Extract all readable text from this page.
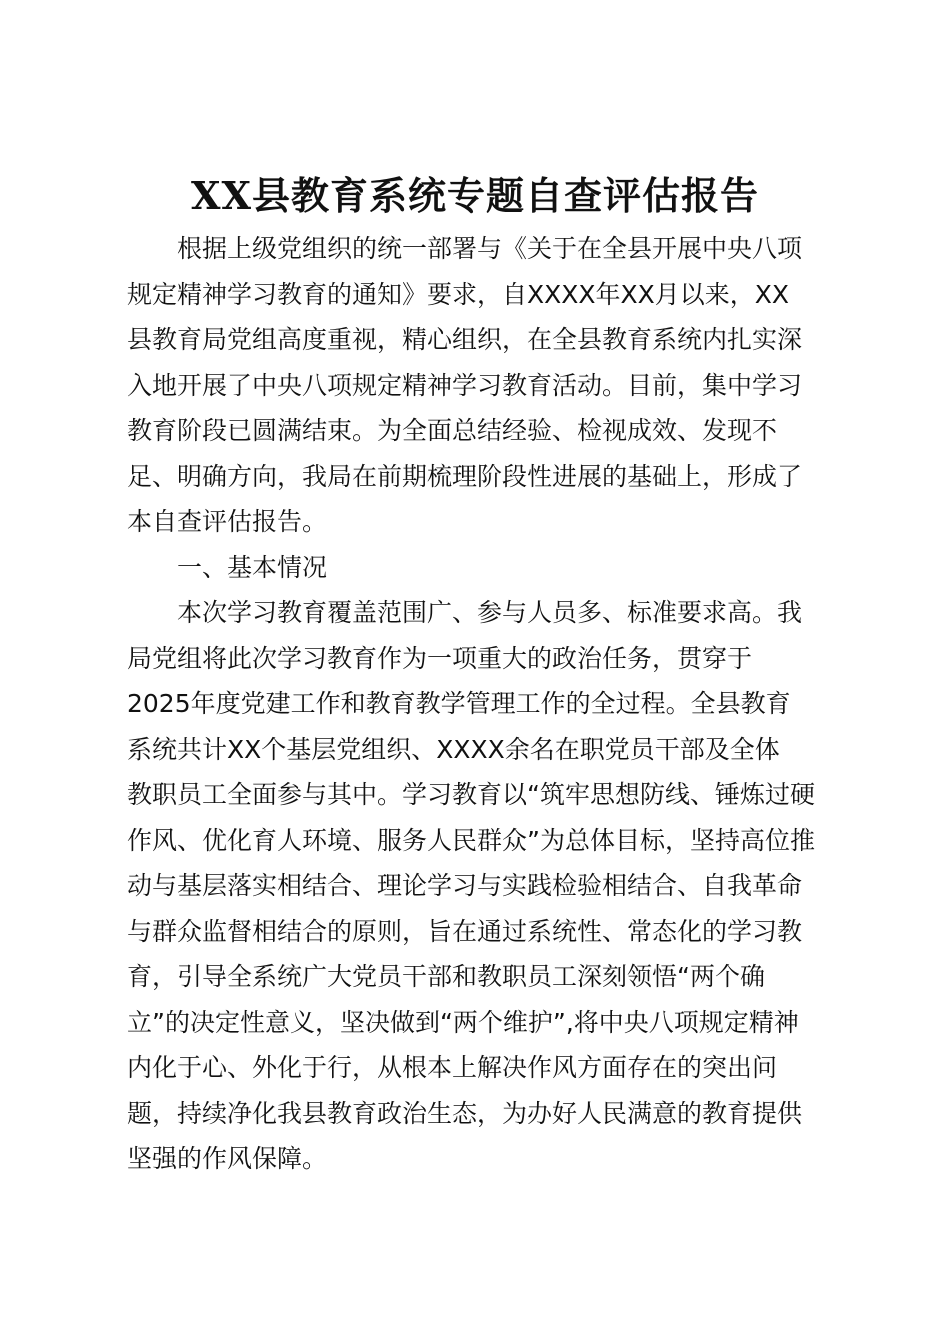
XX县教育系统专题自查评估报告
根据上级党组织的统一部署与《关于在全县开展中央八项
规定精神学习教育的通知》要求，自XXXX年XX月以来，XX
县教育局党组高度重视，精心组织，在全县教育系统内扎实深
入地开展了中央八项规定精神学习教育活动。目前，集中学习
教育阶段已圆满结束。为全面总结经验、检视成效、发现不
足、明确方向，我局在前期梳理阶段性进展的基础上，形成了
本自查评估报告。
一、基本情况
本次学习教育覆盖范围广、参与人员多、标准要求高。我
局党组将此次学习教育作为一项重大的政治任务，贯穿于
2025年度党建工作和教育教学管理工作的全过程。全县教育
系统共计XX个基层党组织、XXXX余名在职党员干部及全体
教职员工全面参与其中。学习教育以“筑牢思想防线、锤炼过硬
作风、优化育人环境、服务人民群众”为总体目标，坚持高位推
动与基层落实相结合、理论学习与实践检验相结合、自我革命
与群众监督相结合的原则，旨在通过系统性、常态化的学习教
育，引导全系统广大党员干部和教职员工深刻领悟“两个确
立”的决定性意义，坚决做到“两个维护”,将中央八项规定精神
内化于心、外化于行，从根本上解决作风方面存在的突出问
题，持续净化我县教育政治生态，为办好人民满意的教育提供
坚强的作风保障。
